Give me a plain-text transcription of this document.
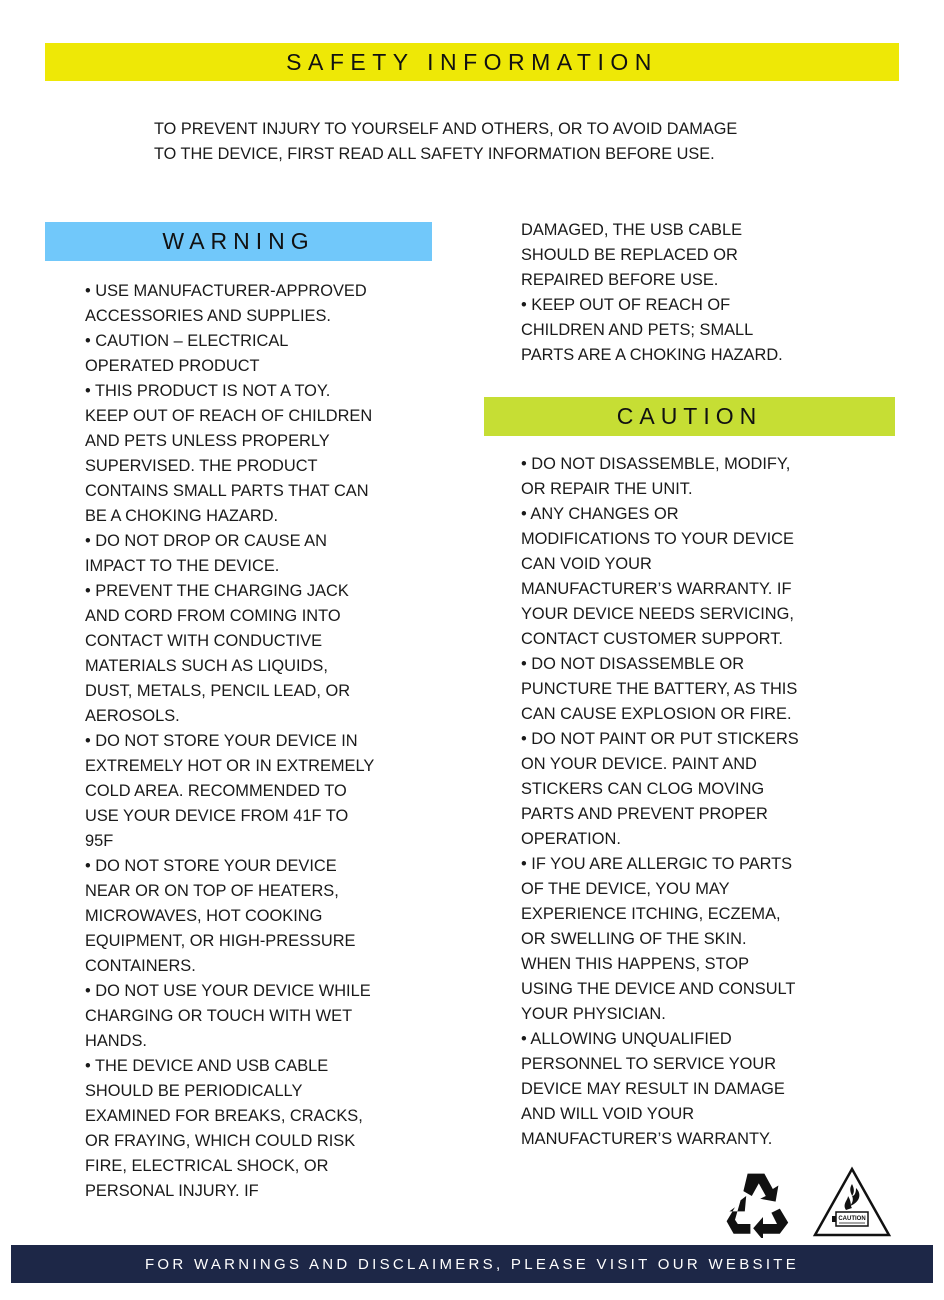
SAFETY INFORMATION
TO PREVENT INJURY TO YOURSELF AND OTHERS, OR TO AVOID DAMAGE
TO THE DEVICE, FIRST READ ALL SAFETY INFORMATION BEFORE USE.
WARNING

• USE MANUFACTURER-APPROVED

ACCESSORIES AND SUPPLIES.

• CAUTION – ELECTRICAL

OPERATED PRODUCT

• THIS PRODUCT IS NOT A TOY.

KEEP OUT OF REACH OF CHILDREN

AND PETS UNLESS PROPERLY

SUPERVISED. THE PRODUCT

CONTAINS SMALL PARTS THAT CAN

BE A CHOKING HAZARD.

• DO NOT DROP OR CAUSE AN

IMPACT TO THE DEVICE.

• PREVENT THE CHARGING JACK

AND CORD FROM COMING INTO

CONTACT WITH CONDUCTIVE

MATERIALS SUCH AS LIQUIDS,

DUST, METALS, PENCIL LEAD, OR

AEROSOLS.

• DO NOT STORE YOUR DEVICE IN

EXTREMELY HOT OR IN EXTREMELY

COLD AREA. RECOMMENDED TO

USE YOUR DEVICE FROM 41F TO

95F

• DO NOT STORE YOUR DEVICE

NEAR OR ON TOP OF HEATERS,

MICROWAVES, HOT COOKING

EQUIPMENT, OR HIGH-PRESSURE

CONTAINERS.

• DO NOT USE YOUR DEVICE WHILE

CHARGING OR TOUCH WITH WET

HANDS.

• THE DEVICE AND USB CABLE

SHOULD BE PERIODICALLY

EXAMINED FOR BREAKS, CRACKS,

OR FRAYING, WHICH COULD RISK

FIRE, ELECTRICAL SHOCK, OR

PERSONAL INJURY. IF

DAMAGED, THE USB CABLE

SHOULD BE REPLACED OR

REPAIRED BEFORE USE.

• KEEP OUT OF REACH OF

CHILDREN AND PETS; SMALL

PARTS ARE A CHOKING HAZARD.

CAUTION

• DO NOT DISASSEMBLE, MODIFY,

OR REPAIR THE UNIT.

• ANY CHANGES OR

MODIFICATIONS TO YOUR DEVICE

CAN VOID YOUR

MANUFACTURER’S WARRANTY. IF

YOUR DEVICE NEEDS SERVICING,

CONTACT CUSTOMER SUPPORT.

• DO NOT DISASSEMBLE OR

PUNCTURE THE BATTERY, AS THIS

CAN CAUSE EXPLOSION OR FIRE.

• DO NOT PAINT OR PUT STICKERS

ON YOUR DEVICE. PAINT AND

STICKERS CAN CLOG MOVING

PARTS AND PREVENT PROPER

OPERATION.

• IF YOU ARE ALLERGIC TO PARTS

OF THE DEVICE, YOU MAY

EXPERIENCE ITCHING, ECZEMA,

OR SWELLING OF THE SKIN.

WHEN THIS HAPPENS, STOP

USING THE DEVICE AND CONSULT

YOUR PHYSICIAN.

• ALLOWING UNQUALIFIED

PERSONNEL TO SERVICE YOUR

DEVICE MAY RESULT IN DAMAGE

AND WILL VOID YOUR

MANUFACTURER’S WARRANTY.

CAUTION
FOR WARNINGS AND DISCLAIMERS, PLEASE VISIT OUR WEBSITE
